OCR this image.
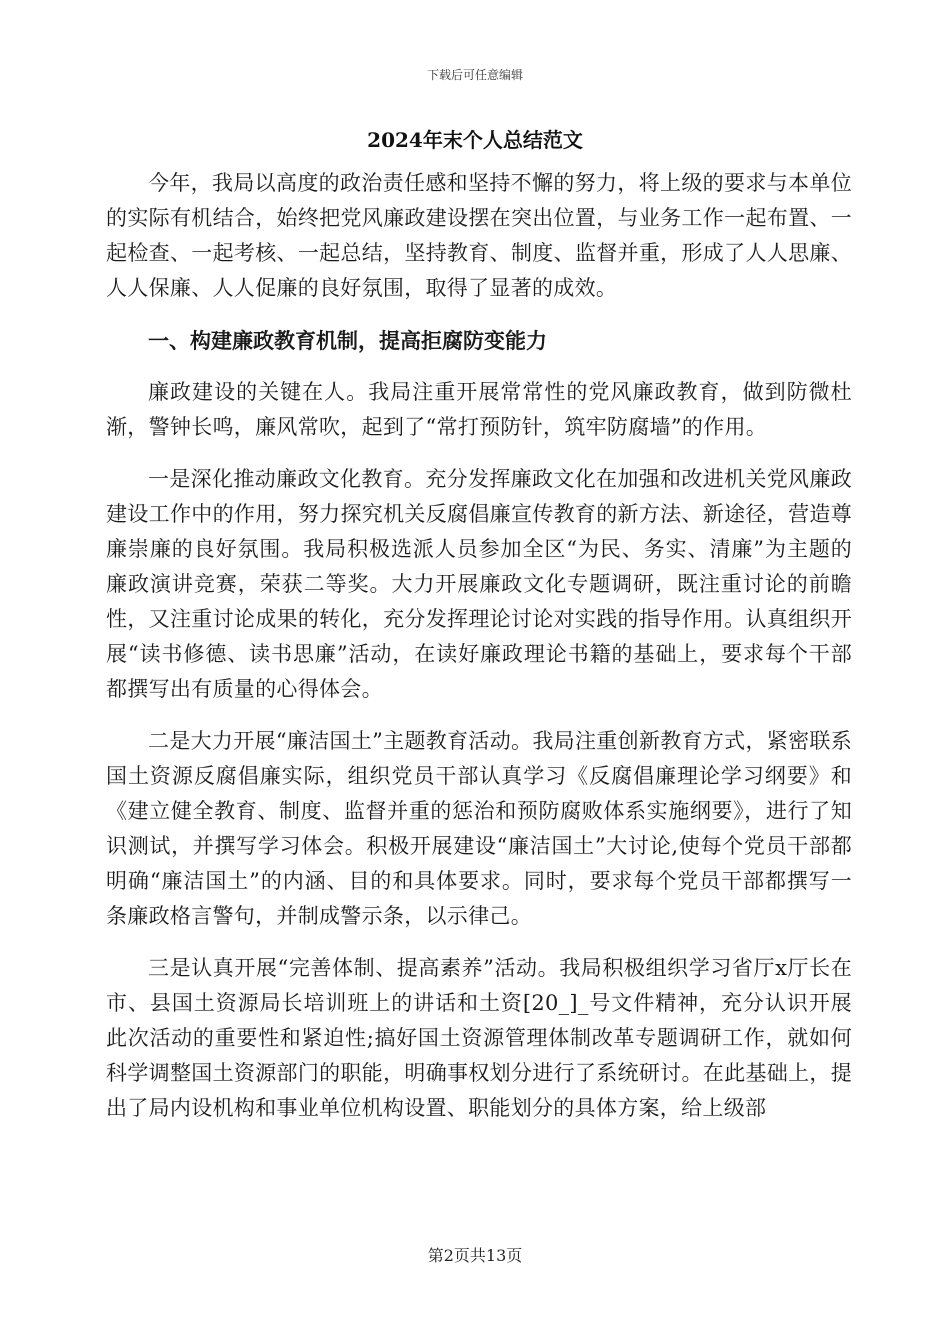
下载后可任意编辑
2024年末个人总结范文

今年，我局以高度的政治责任感和坚持不懈的努力，将上级的要求与本单位的实际有机结合，始终把党风廉政建设摆在突出位置，与业务工作一起布置、一起检查、一起考核、一起总结，坚持教育、制度、监督并重，形成了人人思廉、人人保廉、人人促廉的良好氛围，取得了显著的成效。

一、构建廉政教育机制，提高拒腐防变能力

廉政建设的关键在人。我局注重开展常常性的党风廉政教育，做到防微杜渐，警钟长鸣，廉风常吹，起到了“常打预防针，筑牢防腐墙”的作用。

一是深化推动廉政文化教育。充分发挥廉政文化在加强和改进机关党风廉政建设工作中的作用，努力探究机关反腐倡廉宣传教育的新方法、新途径，营造尊廉崇廉的良好氛围。我局积极选派人员参加全区“为民、务实、清廉”为主题的廉政演讲竞赛，荣获二等奖。大力开展廉政文化专题调研，既注重讨论的前瞻性，又注重讨论成果的转化，充分发挥理论讨论对实践的指导作用。认真组织开展“读书修德、读书思廉”活动，在读好廉政理论书籍的基础上，要求每个干部都撰写出有质量的心得体会。

二是大力开展“廉洁国土”主题教育活动。我局注重创新教育方式，紧密联系国土资源反腐倡廉实际，组织党员干部认真学习《反腐倡廉理论学习纲要》和《建立健全教育、制度、监督并重的惩治和预防腐败体系实施纲要》，进行了知识测试，并撰写学习体会。积极开展建设“廉洁国土”大讨论,使每个党员干部都明确“廉洁国土”的内涵、目的和具体要求。同时，要求每个党员干部都撰写一条廉政格言警句，并制成警示条，以示律己。

三是认真开展“完善体制、提高素养”活动。我局积极组织学习省厅x厅长在市、县国土资源局长培训班上的讲话和土资[20_]_号文件精神，充分认识开展此次活动的重要性和紧迫性;搞好国土资源管理体制改革专题调研工作，就如何科学调整国土资源部门的职能，明确事权划分进行了系统研讨。在此基础上，提出了局内设机构和事业单位机构设置、职能划分的具体方案，给上级部

第2页共13页
